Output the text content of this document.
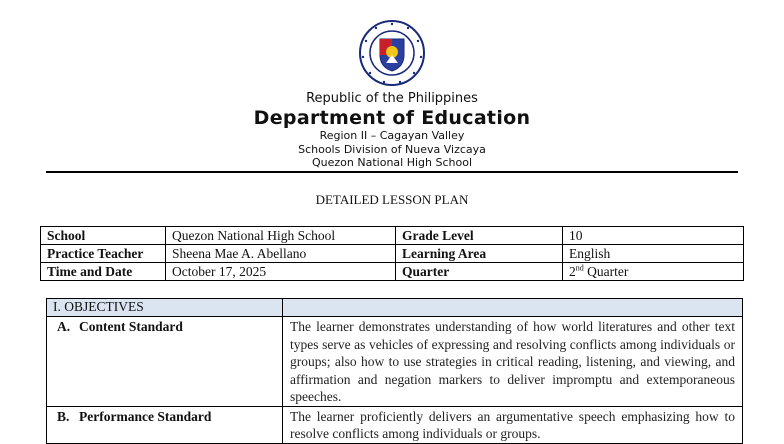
Republic of the Philippines
Department of Education
Region II – Cagayan Valley
Schools Division of Nueva Vizcaya
Quezon National High School
DETAILED LESSON PLAN
School	Quezon National High School	Grade Level	10
Practice Teacher	Sheena Mae A. Abellano	Learning Area	English
Time and Date	October 17, 2025	Quarter	2nd Quarter
I. OBJECTIVES	
A. Content Standard	The learner demonstrates understanding of how world literatures and other text types serve as vehicles of expressing and resolving conflicts among individuals or groups; also how to use strategies in critical reading, listening, and viewing, and affirmation and negation markers to deliver impromptu and extemporaneous speeches.
B. Performance Standard	The learner proficiently delivers an argumentative speech emphasizing how to resolve conflicts among individuals or groups.
